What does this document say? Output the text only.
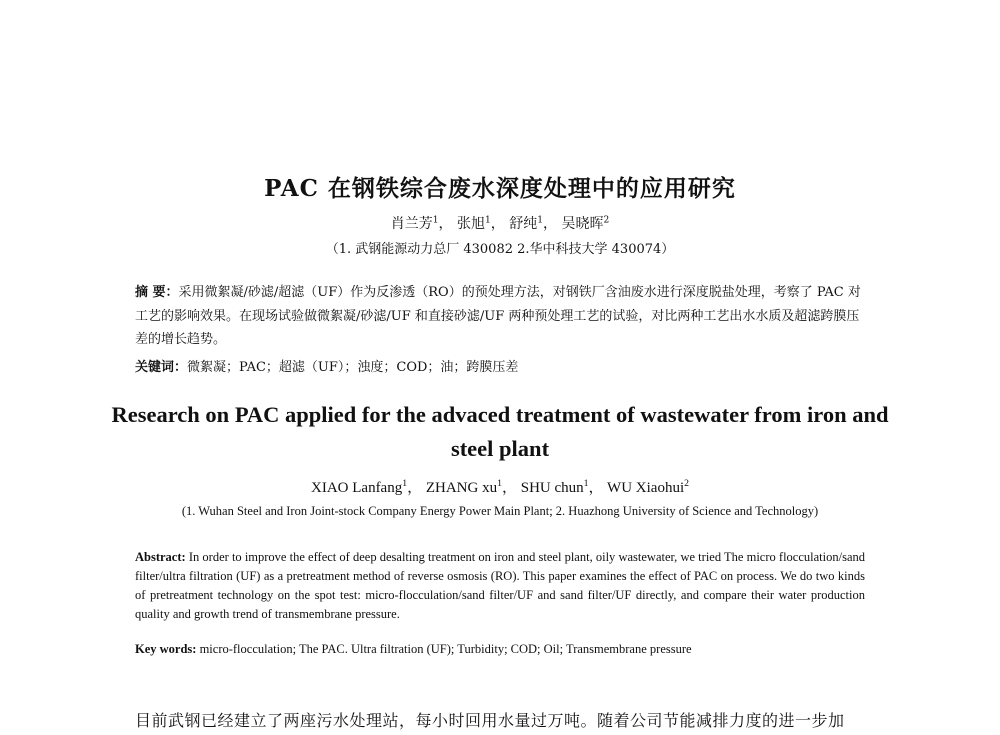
PAC 在钢铁综合废水深度处理中的应用研究
肖兰芳$^1$， 张旭$^1$， 舒纯$^1$， 吴晓晖$^2$
（1. 武钢能源动力总厂 430082 2.华中科技大学 430074）
摘 要：采用微絮凝/砂滤/超滤（UF）作为反渗透（RO）的预处理方法，对钢铁厂含油废水进行深度脱盐处理，考察了 PAC 对工艺的影响效果。在现场试验做微絮凝/砂滤/UF 和直接砂滤/UF 两种预处理工艺的试验，对比两种工艺出水水质及超滤跨膜压差的增长趋势。
关键词：微絮凝；PAC；超滤（UF）；浊度；COD；油；跨膜压差
Research on PAC applied for the advaced treatment of wastewater from iron and steel plant
XIAO Lanfang$^1$， ZHANG $xu^1$， SHU chun$^1$， WU Xiaohui$^2$
(1. Wuhan Steel and Iron Joint-stock Company Energy Power Main Plant; 2. Huazhong University of Science and Technology)
Abstract: In order to improve the effect of deep desalting treatment on iron and steel plant, oily wastewater, we tried The micro flocculation/sand filter/ultra filtration (UF) as a pretreatment method of reverse osmosis (RO). This paper examines the effect of PAC on process. We do two kinds of pretreatment technology on the spot test: micro-flocculation/sand filter/UF and sand filter/UF directly, and compare their water production quality and growth trend of transmembrane pressure.
Key words: micro-flocculation; The PAC. Ultra filtration (UF); Turbidity; COD; Oil; Transmembrane pressure
目前武钢已经建立了两座污水处理站，每小时回用水量过万吨。随着公司节能减排力度的进一步加
